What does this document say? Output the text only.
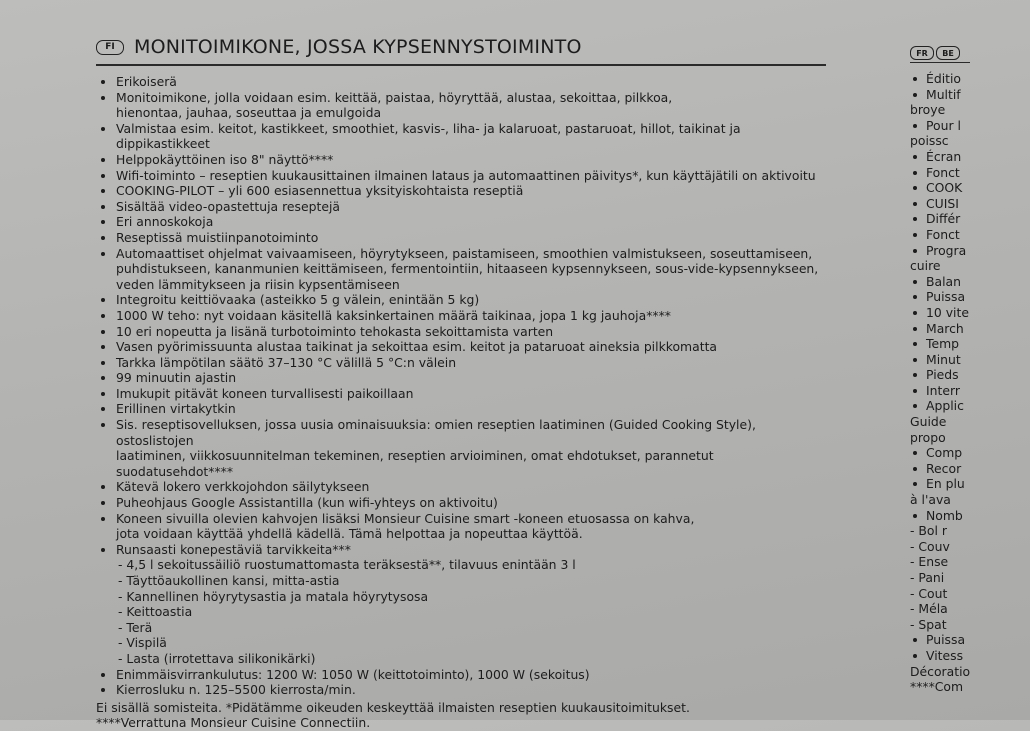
FI	MONITOIMIKONE, JOSSA KYPSENNYSTOIMINTO
Erikoiserä
Monitoimikone, jolla voidaan esim. keittää, paistaa, höyryttää, alustaa, sekoittaa, pilkkoa,
hienontaa, jauhaa, soseuttaa ja emulgoida
Valmistaa esim. keitot, kastikkeet, smoothiet, kasvis-, liha- ja kalaruoat, pastaruoat, hillot, taikinat ja dippikastikkeet
Helppokäyttöinen iso 8" näyttö****
Wifi-toiminto – reseptien kuukausittainen ilmainen lataus ja automaattinen päivitys*, kun käyttäjätili on aktivoitu
COOKING-PILOT – yli 600 esiasennettua yksityiskohtaista reseptiä
Sisältää video-opastettuja reseptejä
Eri annoskokoja
Reseptissä muistiinpanotoiminto
Automaattiset ohjelmat vaivaamiseen, höyrytykseen, paistamiseen, smoothien valmistukseen, soseuttamiseen,
puhdistukseen, kananmunien keittämiseen, fermentointiin, hitaaseen kypsennykseen, sous-vide-kypsennykseen,
veden lämmitykseen ja riisin kypsentämiseen
Integroitu keittiövaaka (asteikko 5 g välein, enintään 5 kg)
1000 W teho: nyt voidaan käsitellä kaksinkertainen määrä taikinaa, jopa 1 kg jauhoja****
10 eri nopeutta ja lisänä turbotoiminto tehokasta sekoittamista varten
Vasen pyörimissuunta alustaa taikinat ja sekoittaa esim. keitot ja pataruoat aineksia pilkkomatta
Tarkka lämpötilan säätö 37–130 °C välillä 5 °C:n välein
99 minuutin ajastin
Imukupit pitävät koneen turvallisesti paikoillaan
Erillinen virtakytkin
Sis. reseptisovelluksen, jossa uusia ominaisuuksia: omien reseptien laatiminen (Guided Cooking Style), ostoslistojen
laatiminen, viikkosuunnitelman tekeminen, reseptien arvioiminen, omat ehdotukset, parannetut suodatusehdot****
Kätevä lokero verkkojohdon säilytykseen
Puheohjaus Google Assistantilla (kun wifi-yhteys on aktivoitu)
Koneen sivuilla olevien kahvojen lisäksi Monsieur Cuisine smart -koneen etuosassa on kahva,
jota voidaan käyttää yhdellä kädellä. Tämä helpottaa ja nopeuttaa käyttöä.
Runsaasti konepestäviä tarvikkeita***
- 4,5 l sekoitussäiliö ruostumattomasta teräksestä**, tilavuus enintään 3 l
- Täyttöaukollinen kansi, mitta-astia
- Kannellinen höyrytysastia ja matala höyrytysosa
- Keittoastia
- Terä
- Vispilä
- Lasta (irrotettava silikonikärki)
Enimmäisvirrankulutus: 1200 W: 1050 W (keittotoiminto), 1000 W (sekoitus)
Kierrosluku n. 125–5500 kierrosta/min.
Ei sisällä somisteita. *Pidätämme oikeuden keskeyttää ilmaisten reseptien kuukausitoimitukset.
****Verrattuna Monsieur Cuisine Connectiin.
FR	BE
Éditio
Multif
broye
Pour l
poissc
Écran
Fonct
COOK
CUISI
Différ
Fonct
Progra
cuire
Balan
Puissa
10 vite
March
Temp
Minut
Pieds
Interr
Applic
Guide
propo
Comp
Recor
En plu
à l'ava
Nomb
- Bol r
- Couv
- Ense
- Pani
- Cout
- Méla
- Spat
Puissa
Vitess
Décoratio
****Com
